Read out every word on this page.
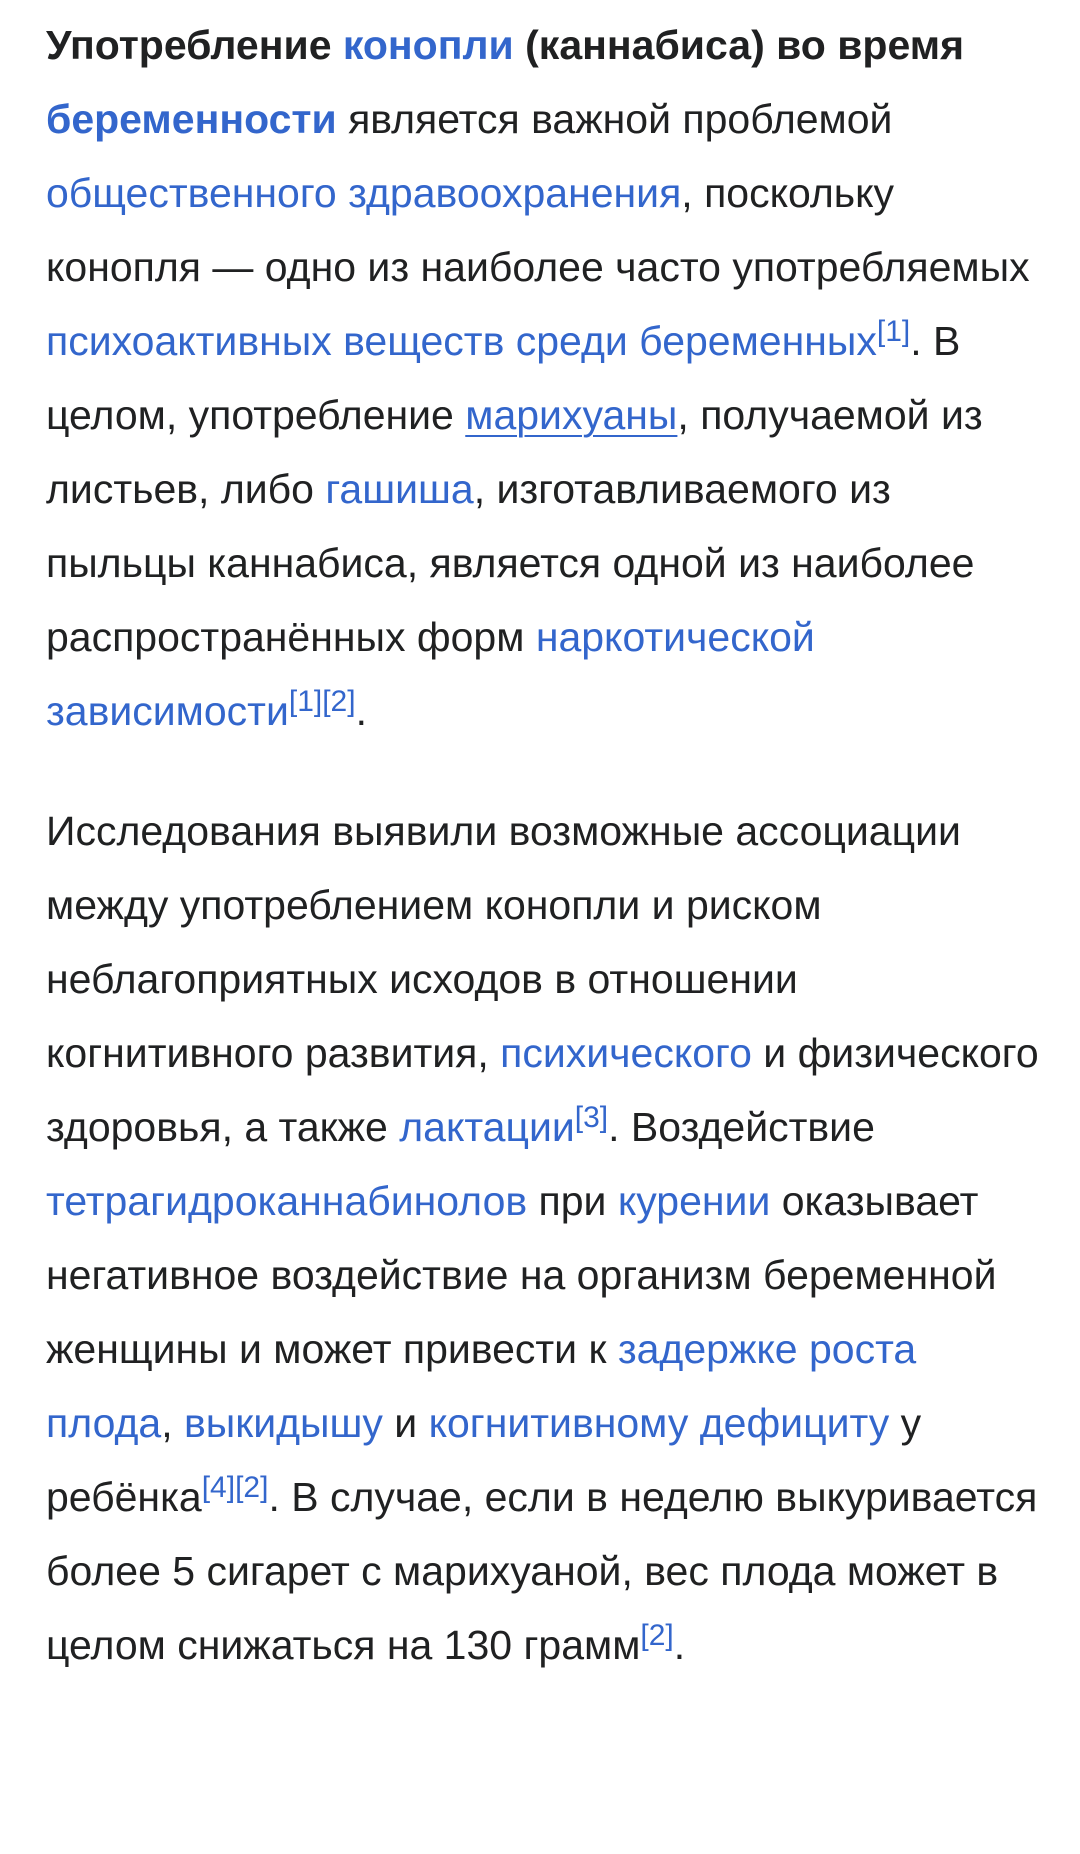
Употребление конопли (каннабиса) во время беременности является важной проблемой общественного здравоохранения, поскольку конопля — одно из наиболее часто употребляемых психоактивных веществ среди беременных[1]. В целом, употребление марихуаны, получаемой из листьев, либо гашиша, изготавливаемого из пыльцы каннабиса, является одной из наиболее распространённых форм наркотической зависимости[1][2].

Исследования выявили возможные ассоциации между употреблением конопли и риском неблагоприятных исходов в отношении когнитивного развития, психического и физического здоровья, а также лактации[3]. Воздействие тетрагидроканнабинолов при курении оказывает негативное воздействие на организм беременной женщины и может привести к задержке роста плода, выкидышу и когнитивному дефициту у ребёнка[4][2]. В случае, если в неделю выкуривается более 5 сигарет с марихуаной, вес плода может в целом снижаться на 130 грамм[2].
